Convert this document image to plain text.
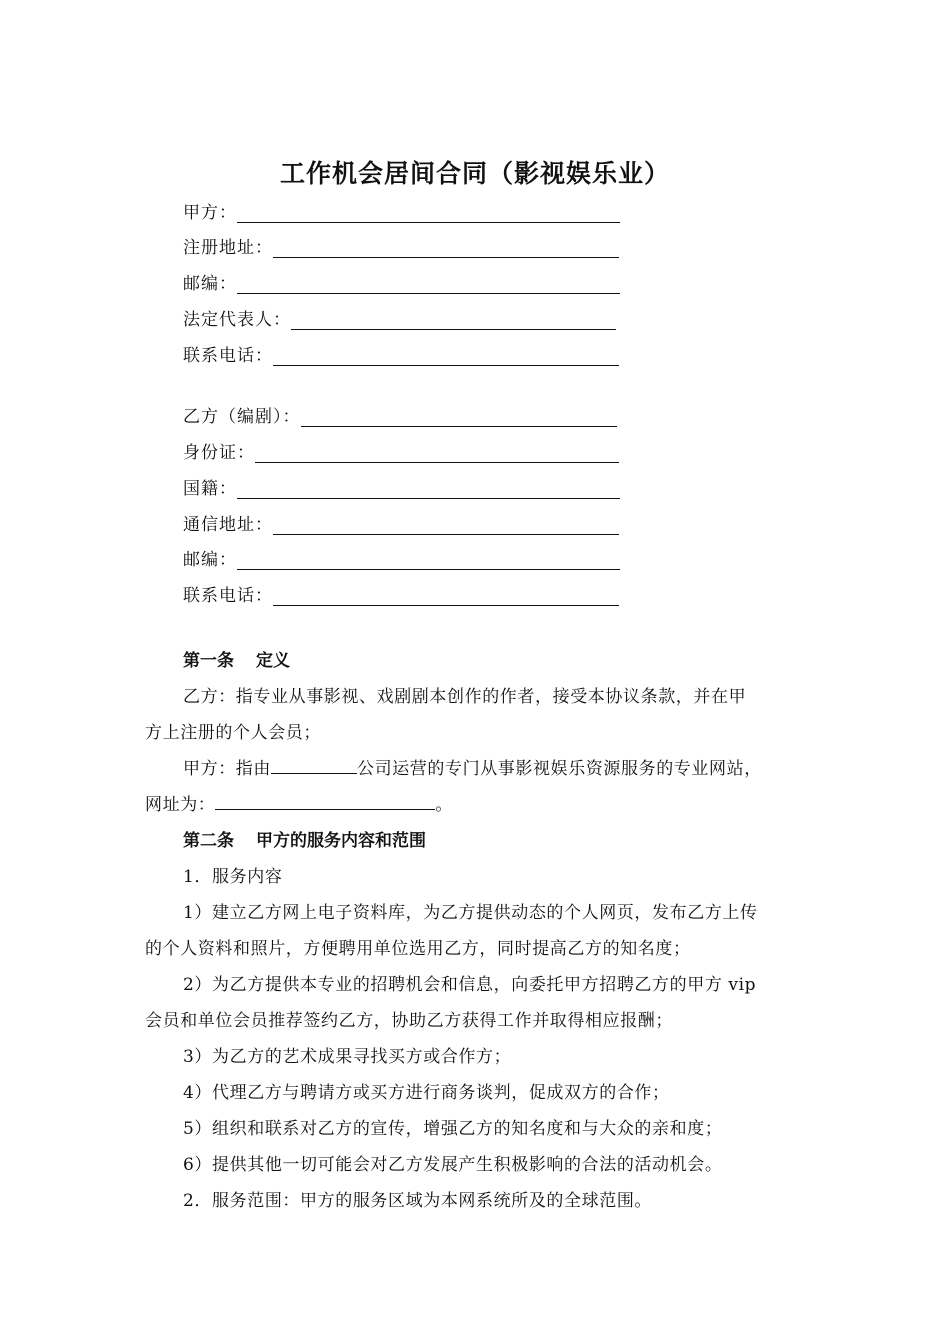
工作机会居间合同（影视娱乐业）
甲方：
注册地址：
邮编：
法定代表人：
联系电话：
乙方（编剧）：
身份证：
国籍：
通信地址：
邮编：
联系电话：
第一条 定义
乙方：指专业从事影视、戏剧剧本创作的作者，接受本协议条款，并在甲
方上注册的个人会员；
甲方：指由	公司运营的专门从事影视娱乐资源服务的专业网站，
网址为：	。
第二条 甲方的服务内容和范围
1．服务内容
1）建立乙方网上电子资料库，为乙方提供动态的个人网页，发布乙方上传
的个人资料和照片，方便聘用单位选用乙方，同时提高乙方的知名度；
2）为乙方提供本专业的招聘机会和信息，向委托甲方招聘乙方的甲方 vip
会员和单位会员推荐签约乙方，协助乙方获得工作并取得相应报酬；
3）为乙方的艺术成果寻找买方或合作方；
4）代理乙方与聘请方或买方进行商务谈判，促成双方的合作；
5）组织和联系对乙方的宣传，增强乙方的知名度和与大众的亲和度；
6）提供其他一切可能会对乙方发展产生积极影响的合法的活动机会。
2．服务范围：甲方的服务区域为本网系统所及的全球范围。
